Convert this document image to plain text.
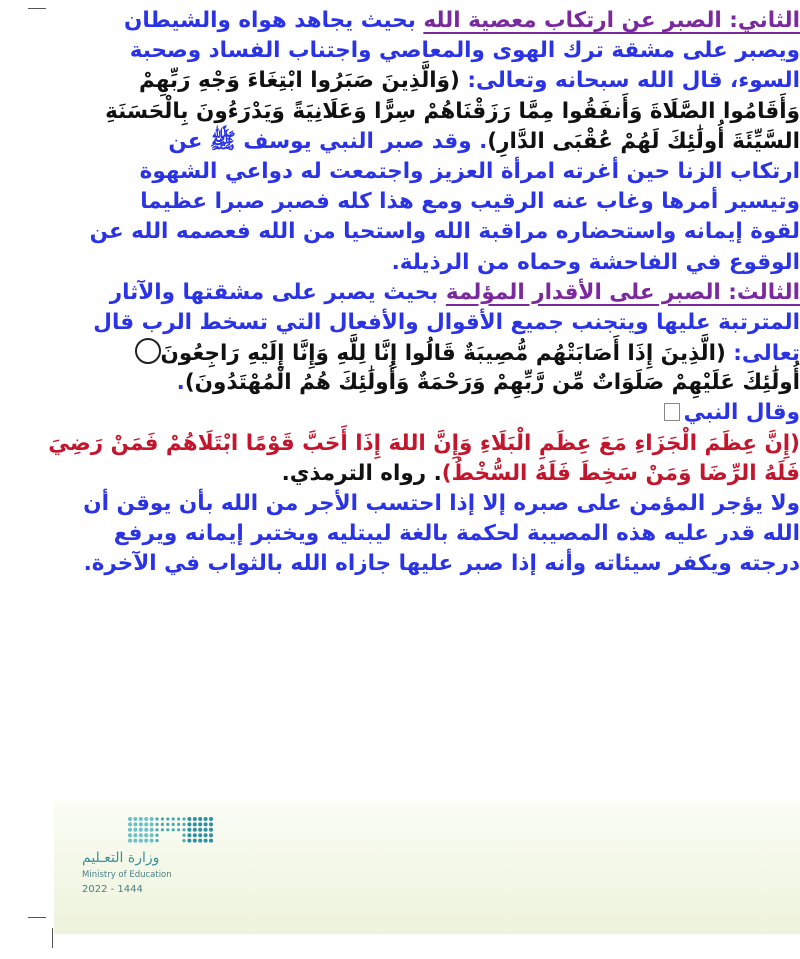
الثاني: الصبر عن ارتكاب معصية الله بحيث يجاهد هواه والشيطان
ويصبر على مشقة ترك الهوى والمعاصي واجتناب الفساد وصحبة
السوء، قال الله سبحانه وتعالى: (وَالَّذِينَ صَبَرُوا ابْتِغَاءَ وَجْهِ رَبِّهِمْ
وَأَقَامُوا الصَّلَاةَ وَأَنفَقُوا مِمَّا رَزَقْنَاهُمْ سِرًّا وَعَلَانِيَةً وَيَدْرَءُونَ بِالْحَسَنَةِ
السَّيِّئَةَ أُولَٰئِكَ لَهُمْ عُقْبَى الدَّارِ). وقد صبر النبي يوسف ﷺ عن
ارتكاب الزنا حين أغرته امرأة العزيز واجتمعت له دواعي الشهوة
وتيسير أمرها وغاب عنه الرقيب ومع هذا كله فصبر صبرا عظيما
لقوة إيمانه واستحضاره مراقبة الله واستحيا من الله فعصمه الله عن
الوقوع في الفاحشة وحماه من الرذيلة.
الثالث: الصبر على الأقدار المؤلمة بحيث يصبر على مشقتها والآثار
المترتبة عليها ويتجنب جميع الأقوال والأفعال التي تسخط الرب قال
تعالى: (الَّذِينَ إِذَا أَصَابَتْهُم مُّصِيبَةٌ قَالُوا إِنَّا لِلَّهِ وَإِنَّا إِلَيْهِ رَاجِعُونَ
أُولَٰئِكَ عَلَيْهِمْ صَلَوَاتٌ مِّن رَّبِّهِمْ وَرَحْمَةٌ وَأُولَٰئِكَ هُمُ الْمُهْتَدُونَ).
وقال النبي
(إِنَّ عِظَمَ الْجَزَاءِ مَعَ عِظَمِ الْبَلَاءِ وَإِنَّ اللهَ إِذَا أَحَبَّ قَوْمًا ابْتَلَاهُمْ فَمَنْ رَضِيَ
فَلَهُ الرِّضَا وَمَنْ سَخِطَ فَلَهُ السُّخْطُ). رواه الترمذي.
ولا يؤجر المؤمن على صبره إلا إذا احتسب الأجر من الله بأن يوقن أن
الله قدر عليه هذه المصيبة لحكمة بالغة ليبتليه ويختبر إيمانه ويرفع
درجته ويكفر سيئاته وأنه إذا صبر عليها جازاه الله بالثواب في الآخرة.
وزارة التعـليم
Ministry of Education
2022 - 1444
